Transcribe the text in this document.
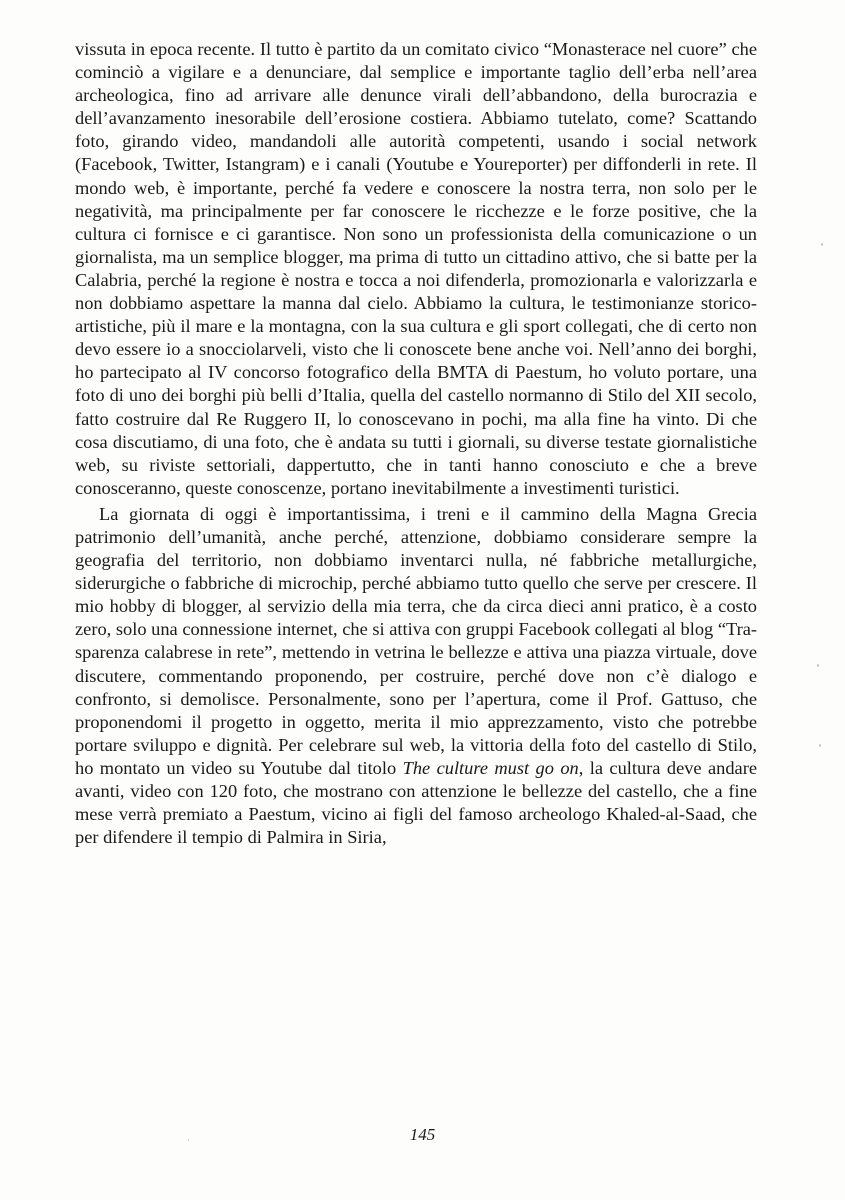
vissuta in epoca recente. Il tutto è partito da un comitato civico “Monasterace nel cuore” che cominciò a vigilare e a denunciare, dal semplice e importante taglio dell’erba nell’area archeologica, fino ad arrivare alle denunce virali dell’abbandono, della burocrazia e dell’avanzamento inesorabile dell’erosione costiera. Abbiamo tutelato, come? Scattando foto, girando video, mandandoli alle autorità competenti, usando i social network (Facebook, Twitter, Istangram) e i canali (Youtube e Youreporter) per diffonderli in rete. Il mondo web, è importante, perché fa vedere e conoscere la nostra terra, non solo per le negatività, ma principalmente per far conoscere le ricchezze e le forze positive, che la cultura ci fornisce e ci garantisce. Non sono un professionista della comunicazione o un giornalista, ma un semplice blogger, ma prima di tutto un cittadino attivo, che si batte per la Calabria, perché la regione è nostra e tocca a noi difenderla, promozionarla e valorizzarla e non dobbiamo aspettare la manna dal cielo. Abbiamo la cultura, le testimonianze storico-artistiche, più il mare e la montagna, con la sua cultura e gli sport collegati, che di certo non devo essere io a snocciolarveli, visto che li conoscete bene anche voi. Nell’anno dei borghi, ho partecipato al IV concorso fotografico della BMTA di Paestum, ho voluto portare, una foto di uno dei borghi più belli d’Italia, quella del castello normanno di Stilo del XII secolo, fatto costruire dal Re Ruggero II, lo conoscevano in pochi, ma alla fine ha vinto. Di che cosa discutiamo, di una foto, che è andata su tutti i giornali, su diverse testate giornalistiche web, su riviste settoriali, dappertutto, che in tanti hanno conosciuto e che a breve conosceranno, queste conoscenze, portano inevitabilmente a investimenti turistici.

La giornata di oggi è importantissima, i treni e il cammino della Magna Grecia patrimonio dell’umanità, anche perché, attenzione, dobbiamo considerare sempre la geografia del territorio, non dobbiamo inventarci nulla, né fabbriche metallurgiche, siderurgiche o fabbriche di microchip, perché abbiamo tutto quello che serve per crescere. Il mio hobby di blogger, al servizio della mia terra, che da circa dieci anni pratico, è a costo zero, solo una connessione internet, che si attiva con gruppi Facebook collegati al blog “Trasparenza calabrese in rete”, mettendo in vetrina le bellezze e attiva una piazza virtuale, dove discutere, commentando proponendo, per costruire, perché dove non c’è dialogo e confronto, si demolisce. Personalmente, sono per l’apertura, come il Prof. Gattuso, che proponendomi il progetto in oggetto, merita il mio apprezzamento, visto che potrebbe portare sviluppo e dignità. Per celebrare sul web, la vittoria della foto del castello di Stilo, ho montato un video su Youtube dal titolo The culture must go on, la cultura deve andare avanti, video con 120 foto, che mostrano con attenzione le bellezze del castello, che a fine mese verrà premiato a Paestum, vicino ai figli del famoso archeologo Khaled-al-Saad, che per difendere il tempio di Palmira in Siria,

145
